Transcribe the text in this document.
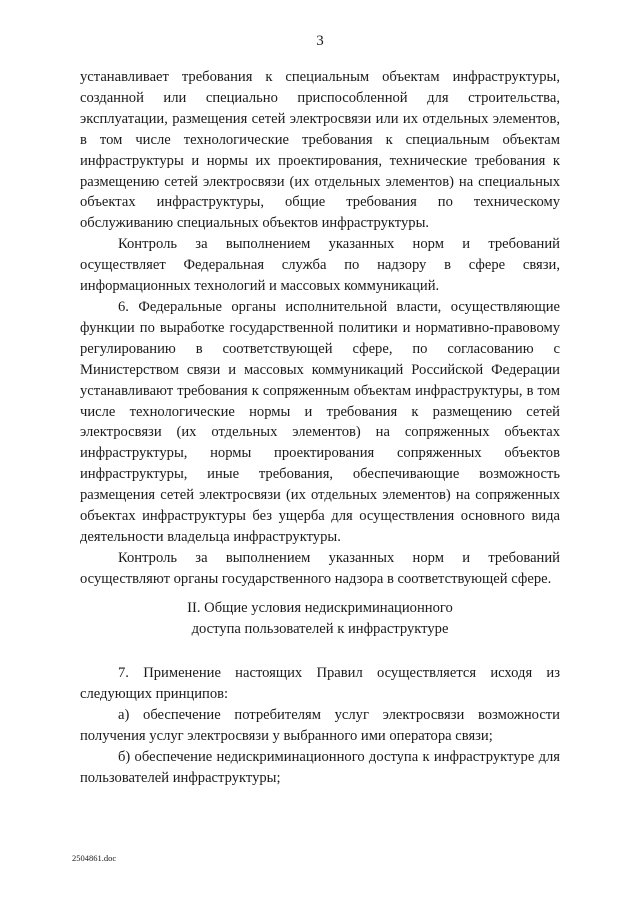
3

устанавливает требования к специальным объектам инфраструктуры, созданной или специально приспособленной для строительства, эксплуатации, размещения сетей электросвязи или их отдельных элементов, в том числе технологические требования к специальным объектам инфраструктуры и нормы их проектирования, технические требования к размещению сетей электросвязи (их отдельных элементов) на специальных объектах инфраструктуры, общие требования по техническому обслуживанию специальных объектов инфраструктуры.

Контроль за выполнением указанных норм и требований осуществляет Федеральная служба по надзору в сфере связи, информационных технологий и массовых коммуникаций.

6. Федеральные органы исполнительной власти, осуществляющие функции по выработке государственной политики и нормативно-правовому регулированию в соответствующей сфере, по согласованию с Министерством связи и массовых коммуникаций Российской Федерации устанавливают требования к сопряженным объектам инфраструктуры, в том числе технологические нормы и требования к размещению сетей электросвязи (их отдельных элементов) на сопряженных объектах инфраструктуры, нормы проектирования сопряженных объектов инфраструктуры, иные требования, обеспечивающие возможность размещения сетей электросвязи (их отдельных элементов) на сопряженных объектах инфраструктуры без ущерба для осуществления основного вида деятельности владельца инфраструктуры.

Контроль за выполнением указанных норм и требований осуществляют органы государственного надзора в соответствующей сфере.

II. Общие условия недискриминационного
доступа пользователей к инфраструктуре

7. Применение настоящих Правил осуществляется исходя из следующих принципов:

а) обеспечение потребителям услуг электросвязи возможности получения услуг электросвязи у выбранного ими оператора связи;

б) обеспечение недискриминационного доступа к инфраструктуре для пользователей инфраструктуры;

2504861.doc
